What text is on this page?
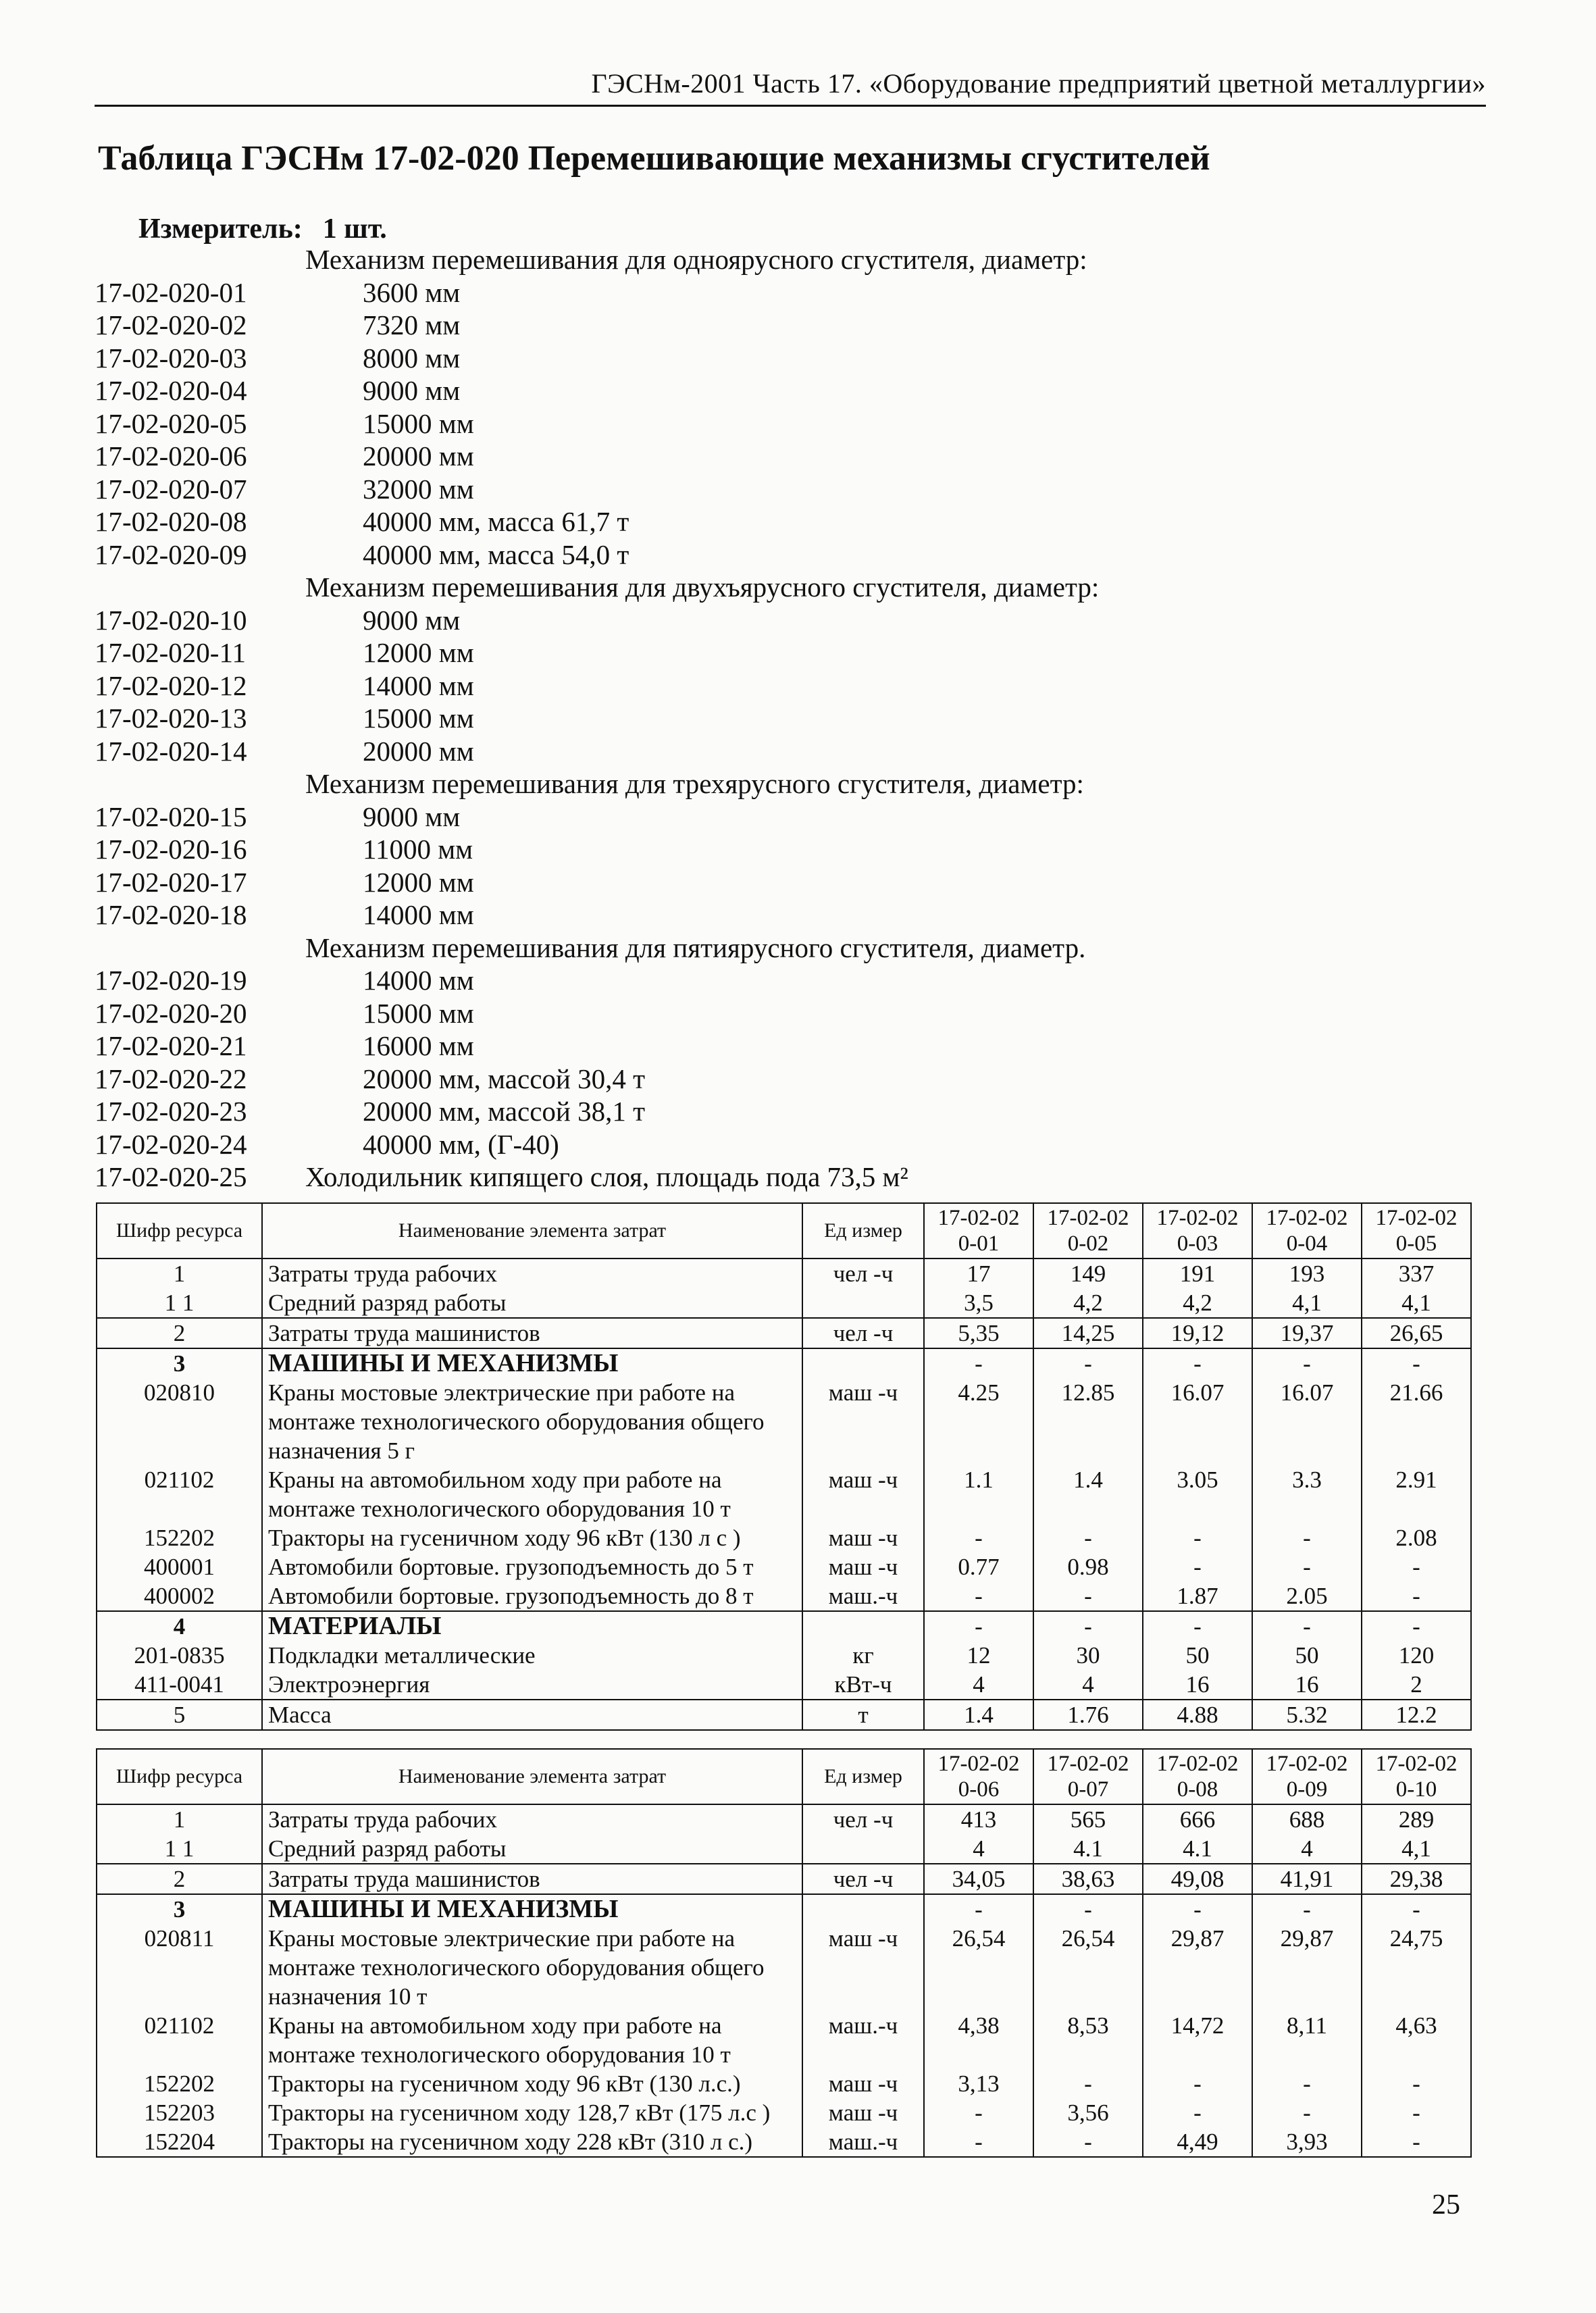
ГЭСНм-2001 Часть 17. «Оборудование предприятий цветной металлургии»
Таблица ГЭСНм 17-02-020 Перемешивающие механизмы сгустителей
Измеритель: 1 шт.
Механизм перемешивания для одноярусного сгустителя, диаметр:
17-02-020-01	3600 мм
17-02-020-02	7320 мм
17-02-020-03	8000 мм
17-02-020-04	9000 мм
17-02-020-05	15000 мм
17-02-020-06	20000 мм
17-02-020-07	32000 мм
17-02-020-08	40000 мм, масса 61,7 т
17-02-020-09	40000 мм, масса 54,0 т
Механизм перемешивания для двухъярусного сгустителя, диаметр:
17-02-020-10	9000 мм
17-02-020-11	12000 мм
17-02-020-12	14000 мм
17-02-020-13	15000 мм
17-02-020-14	20000 мм
Механизм перемешивания для трехярусного сгустителя, диаметр:
17-02-020-15	9000 мм
17-02-020-16	11000 мм
17-02-020-17	12000 мм
17-02-020-18	14000 мм
Механизм перемешивания для пятиярусного сгустителя, диаметр.
17-02-020-19	14000 мм
17-02-020-20	15000 мм
17-02-020-21	16000 мм
17-02-020-22	20000 мм, массой 30,4 т
17-02-020-23	20000 мм, массой 38,1 т
17-02-020-24	40000 мм, (Г-40)
17-02-020-25 Холодильник кипящего слоя, площадь пода 73,5 м²
Шифр ресурса	Наименование элемента затрат	Ед измер	17-02-020-01	17-02-020-02	17-02-020-03	17-02-020-04	17-02-020-05
1	Затраты труда рабочих	чел -ч	17	149	191	193	337
1 1	Средний разряд работы		3,5	4,2	4,2	4,1	4,1
2	Затраты труда машинистов	чел -ч	5,35	14,25	19,12	19,37	26,65
3	МАШИНЫ И МЕХАНИЗМЫ		-	-	-	-	-
020810	Краны мостовые электрические при работе на монтаже технологического оборудования общего назначения 5 г	маш -ч	4.25	12.85	16.07	16.07	21.66
021102	Краны на автомобильном ходу при работе на монтаже технологического оборудования 10 т	маш -ч	1.1	1.4	3.05	3.3	2.91
152202	Тракторы на гусеничном ходу 96 кВт (130 л с )	маш -ч	-	-	-	-	2.08
400001	Автомобили бортовые. грузоподъемность до 5 т	маш -ч	0.77	0.98	-	-	-
400002	Автомобили бортовые. грузоподъемность до 8 т	маш.-ч	-	-	1.87	2.05	-
4	МАТЕРИАЛЫ		-	-	-	-	-
201-0835	Подкладки металлические	кг	12	30	50	50	120
411-0041	Электроэнергия	кВт-ч	4	4	16	16	2
5	Масса	т	1.4	1.76	4.88	5.32	12.2
Шифр ресурса	Наименование элемента затрат	Ед измер	17-02-020-06	17-02-020-07	17-02-020-08	17-02-020-09	17-02-020-10
1	Затраты труда рабочих	чел -ч	413	565	666	688	289
1 1	Средний разряд работы		4	4.1	4.1	4	4,1
2	Затраты труда машинистов	чел -ч	34,05	38,63	49,08	41,91	29,38
3	МАШИНЫ И МЕХАНИЗМЫ		-	-	-	-	-
020811	Краны мостовые электрические при работе на монтаже технологического оборудования общего назначения 10 т	маш -ч	26,54	26,54	29,87	29,87	24,75
021102	Краны на автомобильном ходу при работе на монтаже технологического оборудования 10 т	маш.-ч	4,38	8,53	14,72	8,11	4,63
152202	Тракторы на гусеничном ходу 96 кВт (130 л.с.)	маш -ч	3,13	-	-	-	-
152203	Тракторы на гусеничном ходу 128,7 кВт (175 л.с )	маш -ч	-	3,56	-	-	-
152204	Тракторы на гусеничном ходу 228 кВт (310 л с.)	маш.-ч	-	-	4,49	3,93	-
25
